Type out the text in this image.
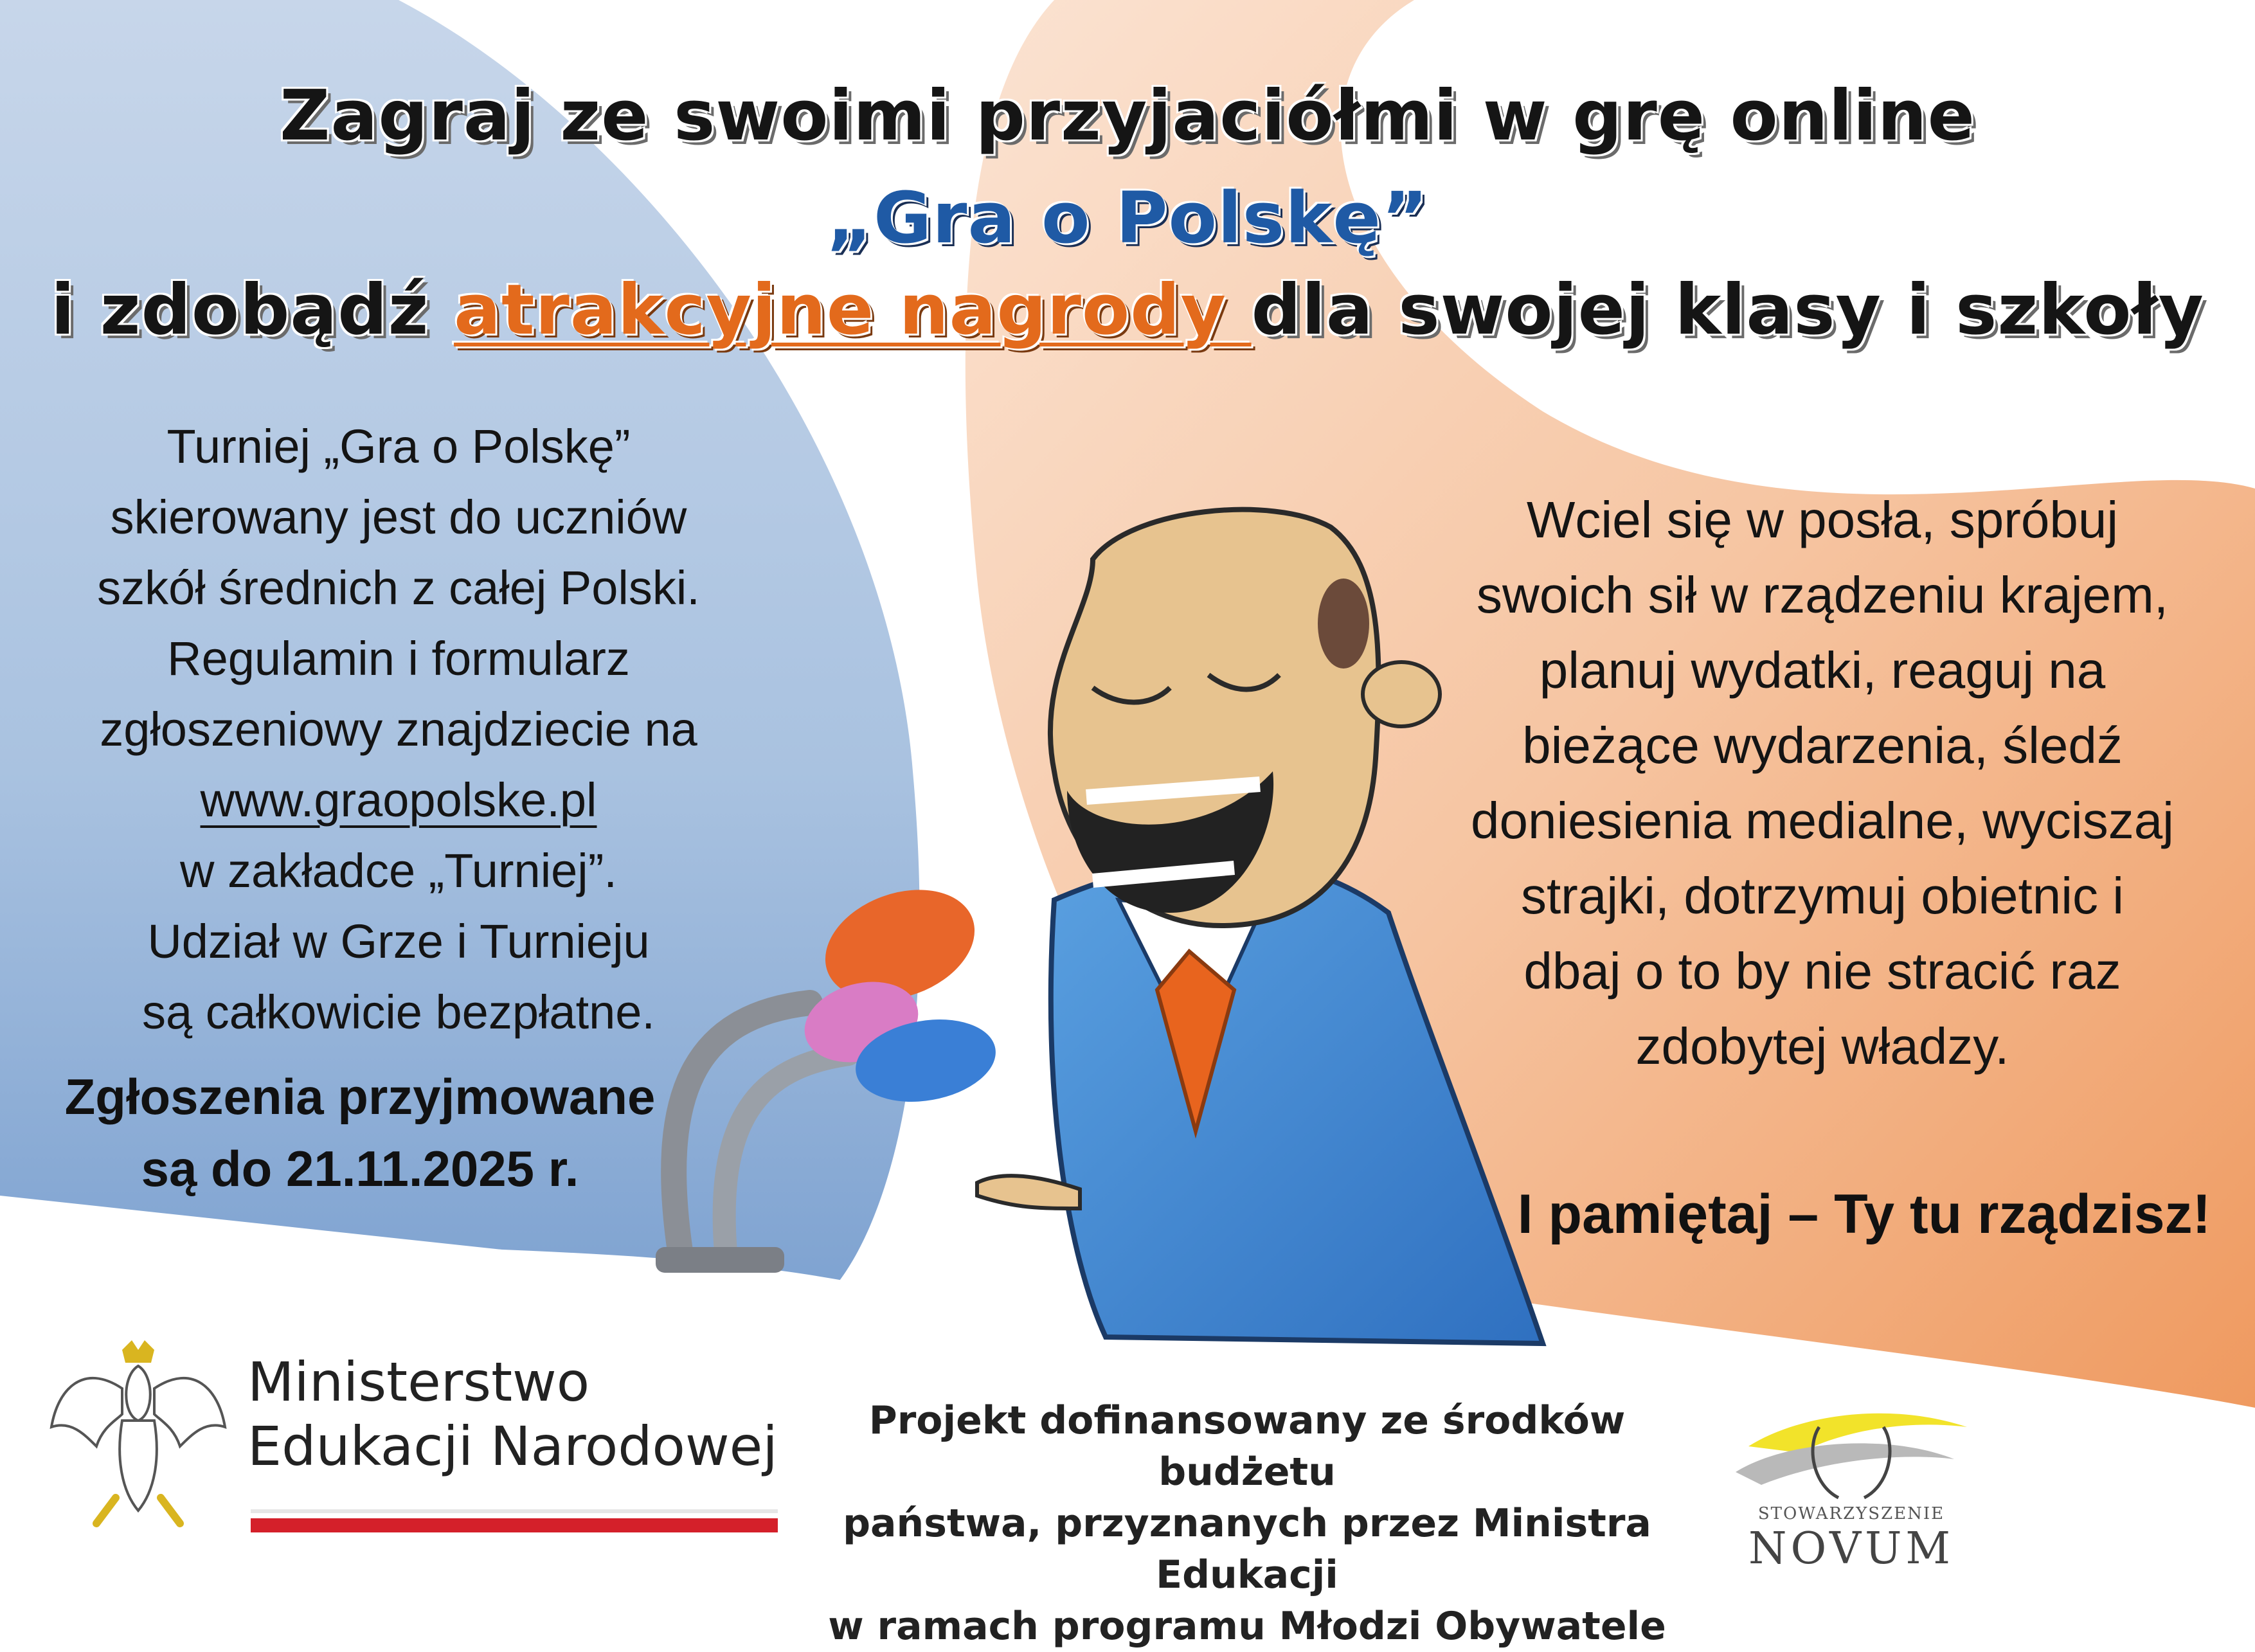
Zagraj ze swoimi przyjaciółmi w grę online
„Gra o Polskę”
i zdobądź atrakcyjne nagrody dla swojej klasy i szkoły
Turniej „Gra o Polskę”
skierowany jest do uczniów
szkół średnich z całej Polski.
Regulamin i formularz
zgłoszeniowy znajdziecie na
www.graopolske.pl
w zakładce „Turniej”.
Udział w Grze i Turnieju
są całkowicie bezpłatne.
Zgłoszenia przyjmowane
są do 21.11.2025 r.
Wciel się w posła, spróbuj
swoich sił w rządzeniu krajem,
planuj wydatki, reaguj na
bieżące wydarzenia, śledź
doniesienia medialne, wyciszaj
strajki, dotrzymuj obietnic i
dbaj o to by nie stracić raz
zdobytej władzy.
I pamiętaj – Ty tu rządzisz!
Ministerstwo
Edukacji Narodowej	Projekt dofinansowany ze środków budżetu
państwa, przyznanych przez Ministra Edukacji
w ramach programu Młodzi Obywatele
STOWARZYSZENIE
NOVUM
